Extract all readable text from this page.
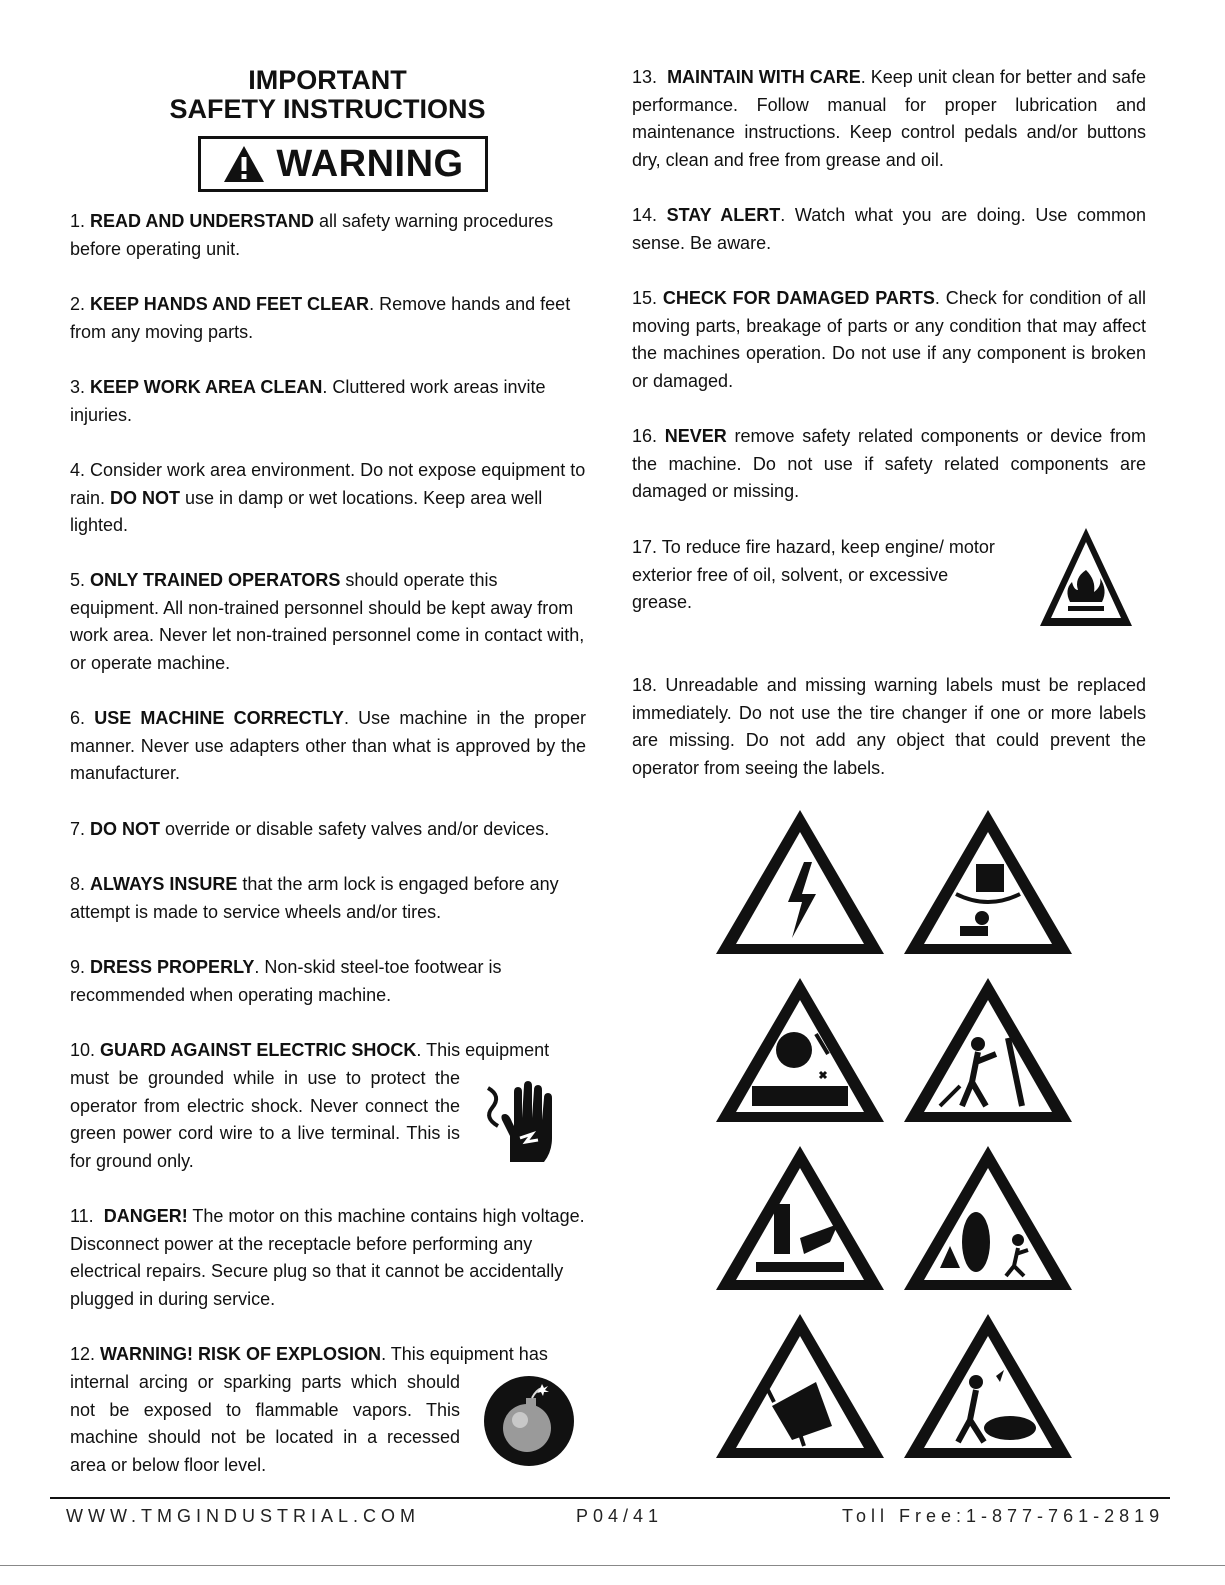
IMPORTANT
SAFETY INSTRUCTIONS
WARNING

1. READ AND UNDERSTAND all safety warning procedures before operating unit.

2. KEEP HANDS AND FEET CLEAR. Remove hands and feet from any moving parts.

3. KEEP WORK AREA CLEAN. Cluttered work areas invite injuries.

4. Consider work area environment. Do not expose equipment to rain. DO NOT use in damp or wet locations. Keep area well lighted.

5. ONLY TRAINED OPERATORS should operate this equipment. All non-trained personnel should be kept away from work area. Never let non-trained personnel come in contact with, or operate machine.

6. USE MACHINE CORRECTLY. Use machine in the proper manner. Never use adapters other than what is approved by the manufacturer.

7. DO NOT override or disable safety valves and/or devices.

8. ALWAYS INSURE that the arm lock is engaged before any attempt is made to service wheels and/or tires.

9. DRESS PROPERLY. Non-skid steel-toe footwear is recommended when operating machine.

10. GUARD AGAINST ELECTRIC SHOCK. This equipment

must be grounded while in use to protect the operator from electric shock. Never connect the green power cord wire to a live terminal. This is for ground only.

11. DANGER! The motor on this machine contains high voltage. Disconnect power at the receptacle before performing any electrical repairs. Secure plug so that it cannot be accidentally plugged in during service.

12. WARNING! RISK OF EXPLOSION. This equipment has

internal arcing or sparking parts which should not be exposed to flammable vapors. This machine should not be located in a recessed area or below floor level.

13. MAINTAIN WITH CARE. Keep unit clean for better and safe performance. Follow manual for proper lubrication and maintenance instructions. Keep control pedals and/or buttons dry, clean and free from grease and oil.

14. STAY ALERT. Watch what you are doing. Use common sense. Be aware.

15. CHECK FOR DAMAGED PARTS. Check for condition of all moving parts, breakage of parts or any condition that may affect the machines operation. Do not use if any component is broken or damaged.

16. NEVER remove safety related components or device from the machine. Do not use if safety related components are damaged or missing.

17. To reduce fire hazard, keep engine/ motor exterior free of oil, solvent, or excessive grease.

18. Unreadable and missing warning labels must be replaced immediately. Do not use the tire changer if one or more labels are missing. Do not add any object that could prevent the operator from seeing the labels.

WWW.TMGINDUSTRIAL.COM	P04/41	Toll Free:1-877-761-2819
